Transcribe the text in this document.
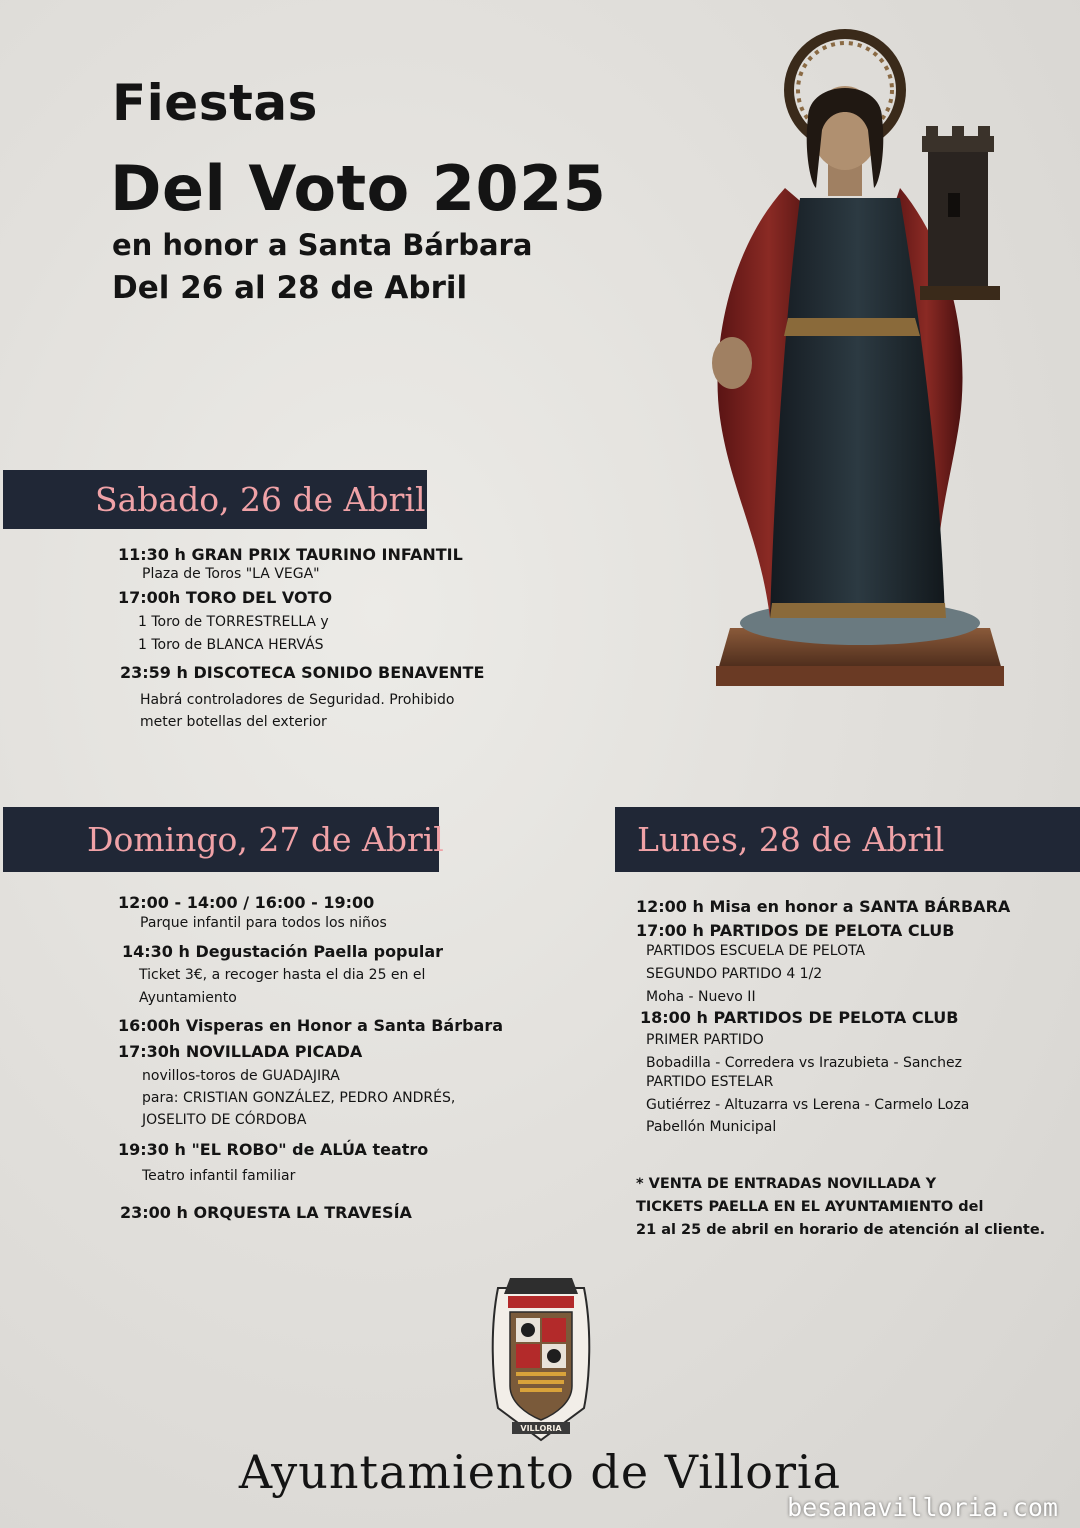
Fiestas
Del Voto 2025
en honor a Santa Bárbara
Del 26 al 28 de Abril
Sabado, 26 de Abril
11:30 h GRAN PRIX TAURINO INFANTIL
Plaza de Toros "LA VEGA"
17:00h TORO DEL VOTO
1 Toro de TORRESTRELLA y
1 Toro de BLANCA HERVÁS
23:59 h DISCOTECA SONIDO BENAVENTE
Habrá controladores de Seguridad. Prohibido
meter botellas del exterior
Domingo, 27 de Abril
12:00 - 14:00 / 16:00 - 19:00
Parque infantil para todos los niños
14:30 h Degustación Paella popular
Ticket 3€, a recoger hasta el dia 25 en el
Ayuntamiento
16:00h Visperas en Honor a Santa Bárbara
17:30h NOVILLADA PICADA
novillos-toros de GUADAJIRA
para: CRISTIAN GONZÁLEZ, PEDRO ANDRÉS,
JOSELITO DE CÓRDOBA
19:30 h "EL ROBO" de ALÚA teatro
Teatro infantil familiar
23:00 h ORQUESTA LA TRAVESÍA
Lunes, 28 de Abril
12:00 h Misa en honor a SANTA BÁRBARA
17:00 h PARTIDOS DE PELOTA CLUB
PARTIDOS ESCUELA DE PELOTA
SEGUNDO PARTIDO 4 1/2
Moha - Nuevo II
18:00 h PARTIDOS DE PELOTA CLUB
PRIMER PARTIDO
Bobadilla - Corredera vs Irazubieta - Sanchez
PARTIDO ESTELAR
Gutiérrez - Altuzarra vs Lerena - Carmelo Loza
Pabellón Municipal
* VENTA DE ENTRADAS NOVILLADA Y
TICKETS PAELLA EN EL AYUNTAMIENTO del
21 al 25 de abril en horario de atención al cliente.
VILLORIA
Ayuntamiento de Villoria
besanavilloria.com
